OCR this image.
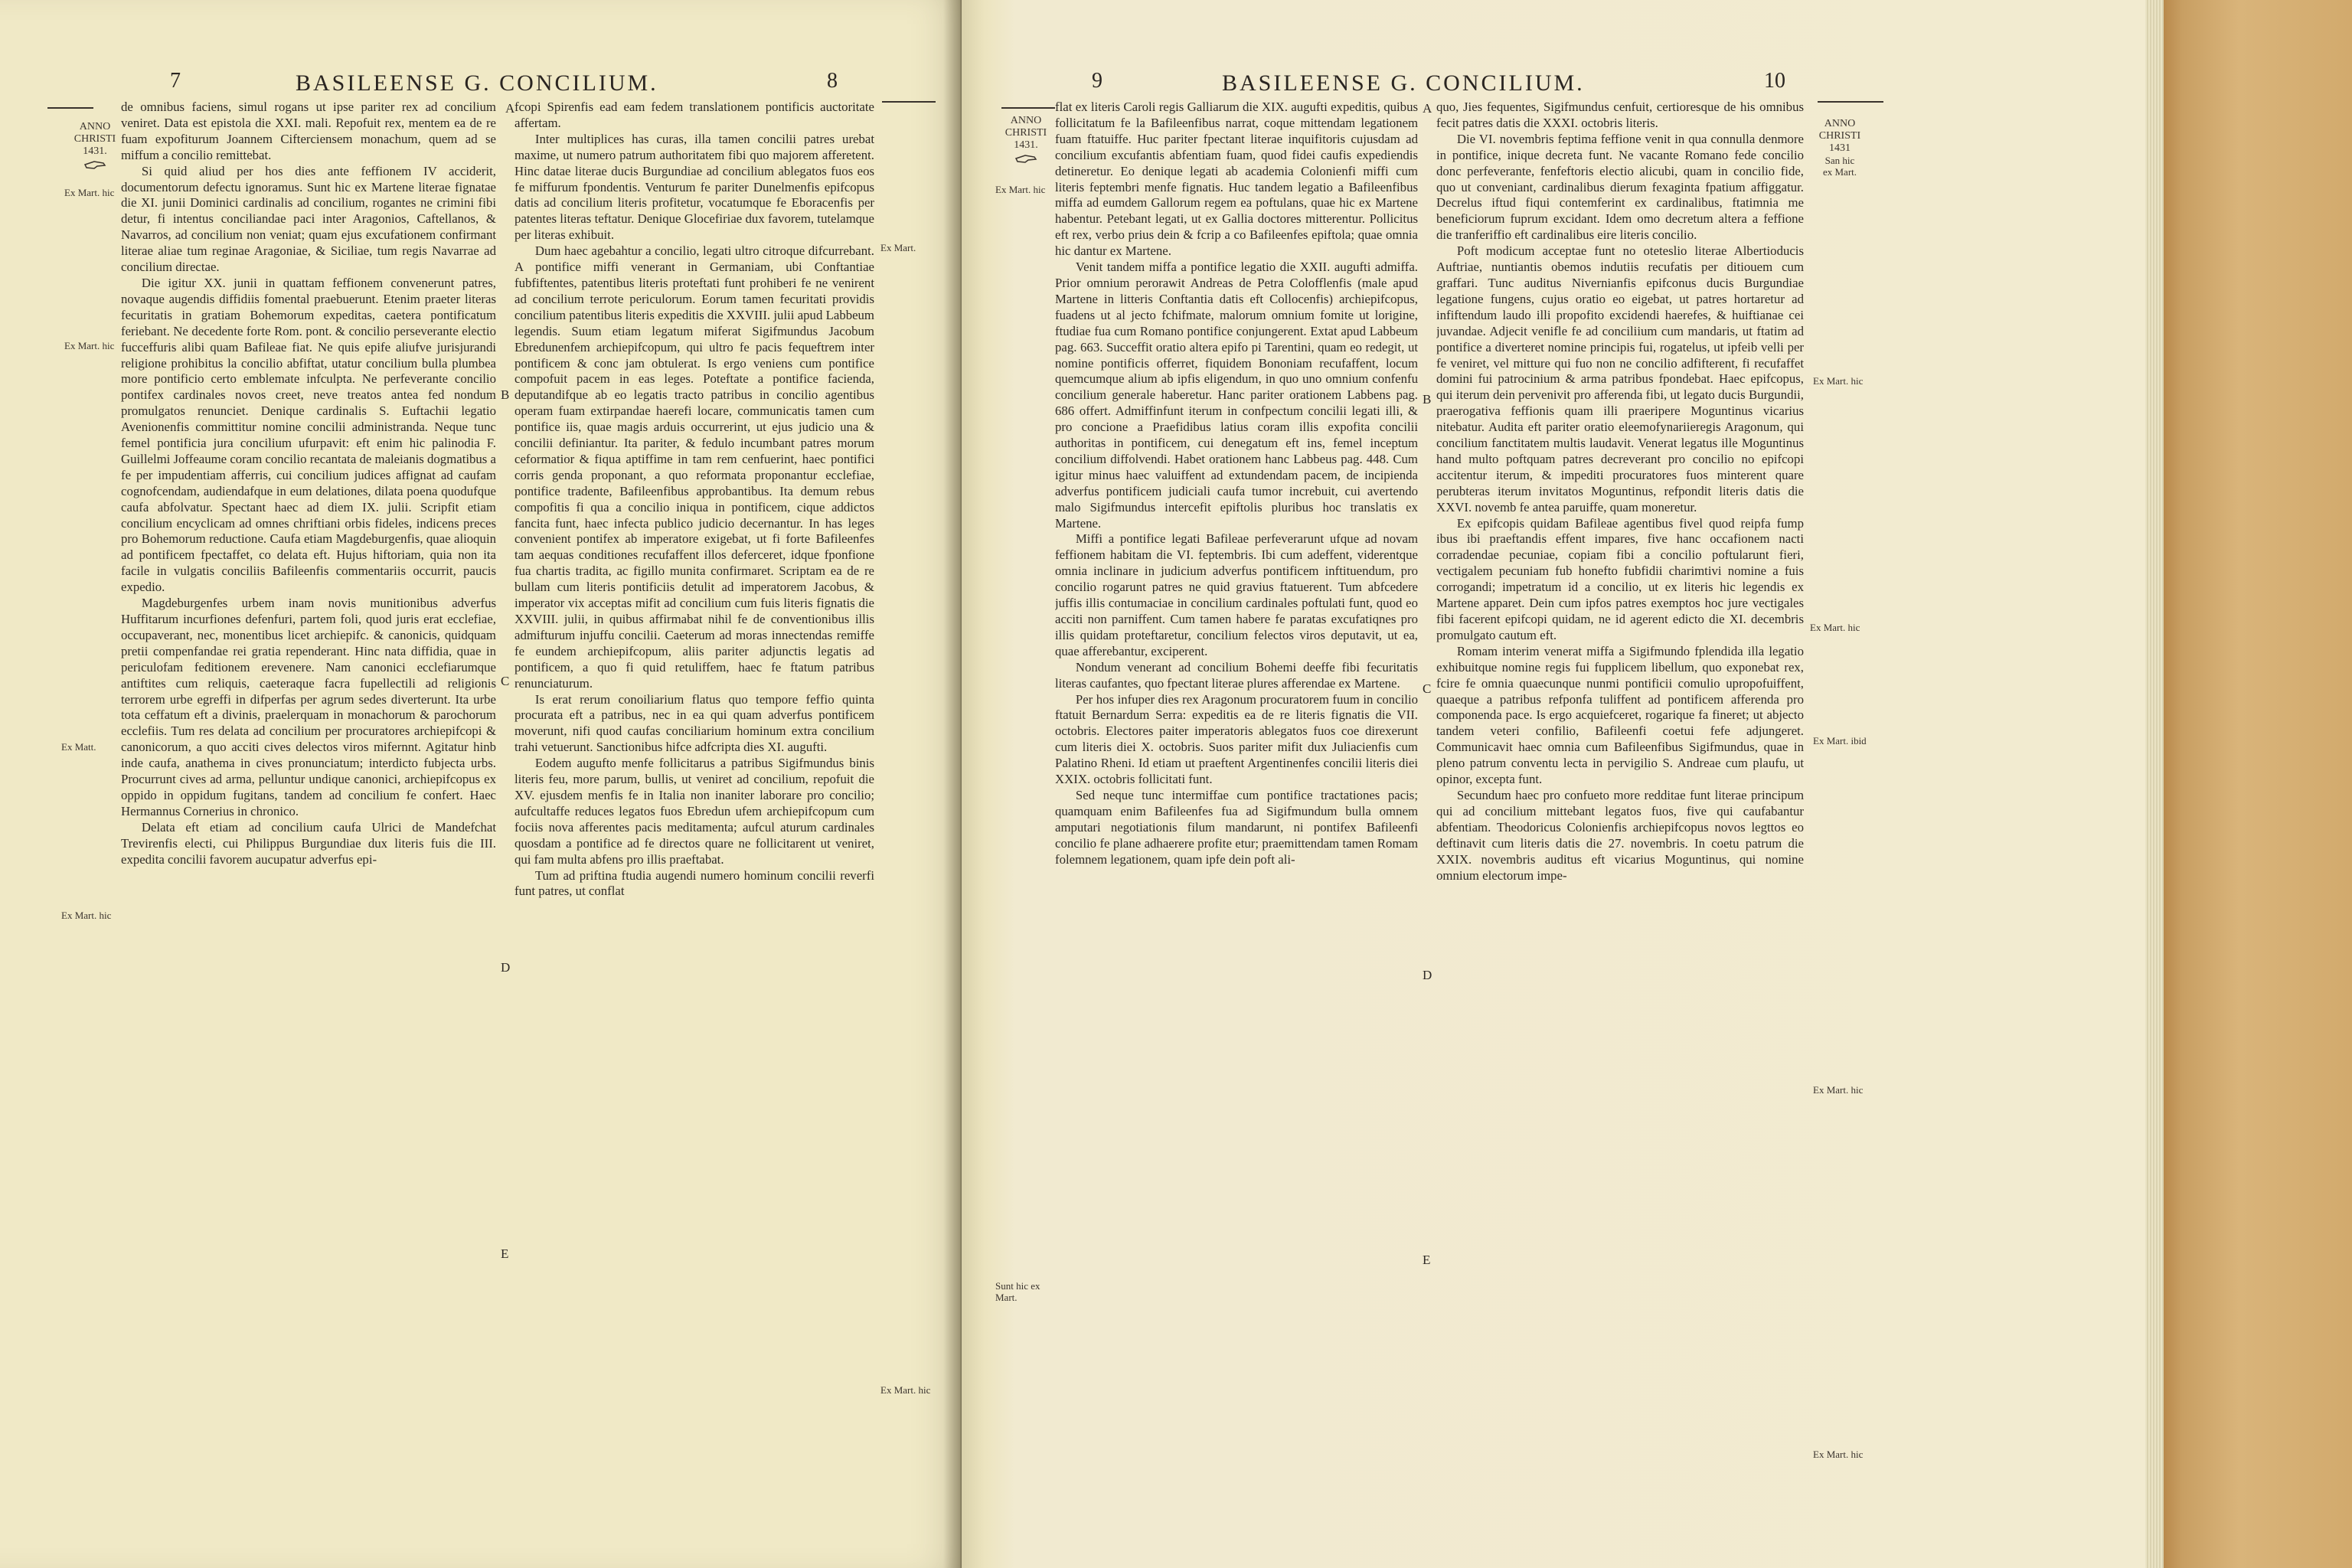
7	BASILEENSE G. CONCILIUM.	8
ANNO
CHRISTI
1431.
Ex Mart. hic
Ex Mart. hic
Ex Matt.
Ex Mart. hic
Ex Mart.
Ex Mart. hic

de omnibus faciens, simul rogans ut ipse pariter rex ad concilium veniret. Data est epistola die XXI. mali. Repofuit rex, mentem ea de re fuam expofiturum Joannem Cifterciensem monachum, quem ad se miffum a concilio remittebat.

Si quid aliud per hos dies ante feffionem IV acciderit, documentorum defectu ignoramus. Sunt hic ex Martene literae fignatae die XI. junii Dominici cardinalis ad concilium, rogantes ne crimini fibi detur, fi intentus conciliandae paci inter Aragonios, Caftellanos, & Navarros, ad concilium non veniat; quam ejus excufationem confirmant literae aliae tum reginae Aragoniae, & Siciliae, tum regis Navarrae ad concilium directae.

Die igitur XX. junii in quattam feffionem convenerunt patres, novaque augendis diffidiis fomental praebuerunt. Etenim praeter literas fecuritatis in gratiam Bohemorum expeditas, caetera pontificatum feriebant. Ne decedente forte Rom. pont. & concilio perseverante electio fucceffuris alibi quam Bafileae fiat. Ne quis epife aliufve jurisjurandi religione prohibitus la concilio abfiftat, utatur concilium bulla plumbea more pontificio certo emblemate infculpta. Ne perfeverante concilio pontifex cardinales novos creet, neve treatos antea fed nondum promulgatos renunciet. Denique cardinalis S. Euftachii legatio Avenionenfis committitur nomine concilii administranda. Neque tunc femel pontificia jura concilium ufurpavit: eft enim hic palinodia F. Guillelmi Joffeaume coram concilio recantata de maleianis dogmatibus a fe per impudentiam afferris, cui concilium judices affignat ad caufam cognofcendam, audiendafque in eum delationes, dilata poena quodufque caufa abfolvatur. Spectant haec ad diem IX. julii. Scripfit etiam concilium encyclicam ad omnes chriftiani orbis fideles, indicens preces pro Bohemorum reductione. Caufa etiam Magdeburgenfis, quae alioquin ad pontificem fpectaffet, co delata eft. Hujus hiftoriam, quia non ita facile in vulgatis conciliis Bafileenfis commentariis occurrit, paucis expedio.

Magdeburgenfes urbem inam novis munitionibus adverfus Huffitarum incurfiones defenfuri, partem foli, quod juris erat ecclefiae, occupaverant, nec, monentibus licet archiepifc. & canonicis, quidquam pretii compenfandae rei gratia rependerant. Hinc nata diffidia, quae in periculofam feditionem erevenere. Nam canonici ecclefiarumque antiftites cum reliquis, caeteraque facra fupellectili ad religionis terrorem urbe egreffi in difperfas per agrum sedes diverterunt. Ita urbe tota ceffatum eft a divinis, praelerquam in monachorum & parochorum ecclefiis. Tum res delata ad concilium per procuratores archiepifcopi & canonicorum, a quo acciti cives delectos viros mifernnt. Agitatur hinb inde caufa, anathema in cives pronunciatum; interdicto fubjecta urbs. Procurrunt cives ad arma, pelluntur undique canonici, archiepifcopus ex oppido in oppidum fugitans, tandem ad concilium fe confert. Haec Hermannus Cornerius in chronico.

Delata eft etiam ad concilium caufa Ulrici de Mandefchat Trevirenfis electi, cui Philippus Burgundiae dux literis fuis die III. expedita concilii favorem aucupatur adverfus epi-

A
B
C
D
E

fcopi Spirenfis ead eam fedem translationem pontificis auctoritate affertam.

Inter multiplices has curas, illa tamen concilii patres urebat maxime, ut numero patrum authoritatem fibi quo majorem afferetent. Hinc datae literae ducis Burgundiae ad concilium ablegatos fuos eos fe miffurum fpondentis. Venturum fe pariter Dunelmenfis epifcopus datis ad concilium literis profitetur, vocatumque fe Eboracenfis per patentes literas teftatur. Denique Glocefiriae dux favorem, tutelamque per literas exhibuit.

Dum haec agebahtur a concilio, legati ultro citroque difcurrebant. A pontifice miffi venerant in Germaniam, ubi Conftantiae fubfiftentes, patentibus literis proteftati funt prohiberi fe ne venirent ad concilium terrote periculorum. Eorum tamen fecuritati providis concilium patentibus literis expeditis die XXVIII. julii apud Labbeum legendis. Suum etiam legatum miferat Sigifmundus Jacobum Ebredunenfem archiepifcopum, qui ultro fe pacis fequeftrem inter pontificem & conc jam obtulerat. Is ergo veniens cum pontifice compofuit pacem in eas leges. Poteftate a pontifice facienda, deputandifque ab eo legatis tracto patribus in concilio agentibus operam fuam extirpandae haerefi locare, communicatis tamen cum pontifice iis, quae magis arduis occurrerint, ut ejus judicio una & concilii definiantur. Ita pariter, & fedulo incumbant patres morum ceformatior & fiqua aptiffime in tam rem cenfuerint, haec pontifici corris genda proponant, a quo reformata proponantur ecclefiae, pontifice tradente, Bafileenfibus approbantibus. Ita demum rebus compofitis fi qua a concilio iniqua in pontificem, cique addictos fancita funt, haec infecta publico judicio decernantur. In has leges convenient pontifex ab imperatore exigebat, ut fi forte Bafileenfes tam aequas conditiones recufaffent illos deferceret, idque fponfione fua chartis tradita, ac figillo munita confirmaret. Scriptam ea de re bullam cum literis pontificiis detulit ad imperatorem Jacobus, & imperator vix acceptas mifit ad concilium cum fuis literis fignatis die XXVIII. julii, in quibus affirmabat nihil fe de conventionibus illis admifturum injuffu concilii. Caeterum ad moras innectendas remiffe fe eundem archiepifcopum, aliis pariter adjunctis legatis ad pontificem, a quo fi quid retuliffem, haec fe ftatum patribus renunciaturum.

Is erat rerum conoiliarium flatus quo tempore feffio quinta procurata eft a patribus, nec in ea qui quam adverfus pontificem moverunt, nifi quod caufas conciliarium hominum extra concilium trahi vetuerunt. Sanctionibus hifce adfcripta dies XI. augufti.

Eodem augufto menfe follicitarus a patribus Sigifmundus binis literis feu, more parum, bullis, ut veniret ad concilium, repofuit die XV. ejusdem menfis fe in Italia non inaniter laborare pro concilio; aufcultaffe reduces legatos fuos Ebredun ufem archiepifcopum cum fociis nova afferentes pacis meditamenta; aufcul aturum cardinales quosdam a pontifice ad fe directos quare ne follicitarent ut veniret, qui fam multa abfens pro illis praeftabat.

Tum ad priftina ftudia augendi numero hominum concilii reverfi funt patres, ut conflat

9	BASILEENSE G. CONCILIUM.	10
ANNO
CHRISTI
1431.
Ex Mart. hic
Sunt hic ex Mart.
ANNO
CHRISTI
1431
San hic
ex Mart.
Ex Mart. hic
Ex Mart. hic
Ex Mart. ibid
Ex Mart. hic
Ex Mart. hic

flat ex literis Caroli regis Galliarum die XIX. augufti expeditis, quibus follicitatum fe la Bafileenfibus narrat, coque mittendam legationem fuam ftatuiffe. Huc pariter fpectant literae inquifitoris cujusdam ad concilium excufantis abfentiam fuam, quod fidei caufis expediendis detineretur. Eo denique legati ab academia Colonienfi miffi cum literis feptembri menfe fignatis. Huc tandem legatio a Bafileenfibus miffa ad eumdem Gallorum regem ea poftulans, quae hic ex Martene habentur. Petebant legati, ut ex Gallia doctores mitterentur. Pollicitus eft rex, verbo prius dein & fcrip a co Bafileenfes epiftola; quae omnia hic dantur ex Martene.

Venit tandem miffa a pontifice legatio die XXII. augufti admiffa. Prior omnium perorawit Andreas de Petra Colofflenfis (male apud Martene in litteris Conftantia datis eft Collocenfis) archiepifcopus, fuadens ut al jecto fchifmate, malorum omnium fomite ut lorigine, ftudiae fua cum Romano pontifice conjungerent. Extat apud Labbeum pag. 663. Succeffit oratio altera epifo pi Tarentini, quam eo redegit, ut nomine pontificis offerret, fiquidem Bononiam recufaffent, locum quemcumque alium ab ipfis eligendum, in quo uno omnium confenfu concilium generale haberetur. Hanc pariter orationem Labbens pag. 686 offert. Admiffinfunt iterum in confpectum concilii legati illi, & pro concione a Praefidibus latius coram illis expofita concilii authoritas in pontificem, cui denegatum eft ins, femel inceptum concilium diffolvendi. Habet orationem hanc Labbeus pag. 448. Cum igitur minus haec valuiffent ad extundendam pacem, de incipienda adverfus pontificem judiciali caufa tumor increbuit, cui avertendo malo Sigifmundus intercefit epiftolis pluribus hoc translatis ex Martene.

Miffi a pontifice legati Bafileae perfeverarunt ufque ad novam feffionem habitam die VI. feptembris. Ibi cum adeffent, viderentque omnia inclinare in judicium adverfus pontificem inftituendum, pro concilio rogarunt patres ne quid gravius ftatuerent. Tum abfcedere juffis illis contumaciae in concilium cardinales poftulati funt, quod eo acciti non parniffent. Cum tamen habere fe paratas excufatiqnes pro illis quidam proteftaretur, concilium felectos viros deputavit, ut ea, quae afferebantur, exciperent.

Nondum venerant ad concilium Bohemi deeffe fibi fecuritatis literas caufantes, quo fpectant literae plures afferendae ex Martene.

Per hos infuper dies rex Aragonum procuratorem fuum in concilio ftatuit Bernardum Serra: expeditis ea de re literis fignatis die VII. octobris. Electores paiter imperatoris ablegatos fuos coe direxerunt cum literis diei X. octobris. Suos pariter mifit dux Juliacienfis cum Palatino Rheni. Id etiam ut praeftent Argentinenfes concilii literis diei XXIX. octobris follicitati funt.

Sed neque tunc intermiffae cum pontifice tractationes pacis; quamquam enim Bafileenfes fua ad Sigifmundum bulla omnem amputari negotiationis filum mandarunt, ni pontifex Bafileenfi concilio fe plane adhaerere profite etur; praemittendam tamen Romam folemnem legationem, quam ipfe dein poft ali-

A
B
C
D
E

quo, Jies fequentes, Sigifmundus cenfuit, certioresque de his omnibus fecit patres datis die XXXI. octobris literis.

Die VI. novembris feptima feffione venit in qua connulla denmore in pontifice, inique decreta funt. Ne vacante Romano fede concilio donc perfeverante, fenfeftoris electio alicubi, quam in concilio fide, quo ut conveniant, cardinalibus dierum fexaginta fpatium affiggatur. Decrelus iftud fiqui contemferint ex cardinalibus, ftatimnia me beneficiorum fuprum excidant. Idem omo decretum altera a feffione die tranferiffio eft cardinalibus eire literis concilio.

Poft modicum acceptae funt no oteteslio literae Albertioducis Auftriae, nuntiantis obemos indutiis recufatis per ditiouem cum graffari. Tunc auditus Nivernianfis epifconus ducis Burgundiae legatione fungens, cujus oratio eo eigebat, ut patres hortaretur ad infiftendum laudo illi propofito excidendi haerefes, & huiftianae cei juvandae. Adjecit venifle fe ad conciliium cum mandaris, ut ftatim ad pontifice a diverteret nomine principis fui, rogatelus, ut ipfeib velli per fe veniret, vel mitture qui fuo non ne concilio adfifterent, fi recufaffet domini fui patrocinium & arma patribus fpondebat. Haec epifcopus, qui iterum dein pervenivit pro afferenda fibi, ut legato ducis Burgundii, praerogativa feffionis quam illi praeripere Moguntinus vicarius nitebatur. Audita eft pariter oratio eleemofynariieregis Aragonum, qui concilium fanctitatem multis laudavit. Venerat legatus ille Moguntinus hand multo poftquam patres decreverant pro concilio no epifcopi accitentur iterum, & impediti procuratores fuos minterent quare perubteras iterum invitatos Moguntinus, refpondit literis datis die XXVI. novemb fe antea paruiffe, quam moneretur.

Ex epifcopis quidam Bafileae agentibus fivel quod reipfa fump ibus ibi praeftandis effent impares, five hanc occafionem nacti corradendae pecuniae, copiam fibi a concilio poftularunt fieri, vectigalem pecuniam fub honefto fubfidii charimtivi nomine a fuis corrogandi; impetratum id a concilio, ut ex literis hic legendis ex Martene apparet. Dein cum ipfos patres exemptos hoc jure vectigales fibi facerent epifcopi quidam, ne id agerent edicto die XI. decembris promulgato cautum eft.

Romam interim venerat miffa a Sigifmundo fplendida illa legatio exhibuitque nomine regis fui fupplicem libellum, quo exponebat rex, fcire fe omnia quaecunque nunmi pontificii comulio upropofuiffent, quaeque a patribus refponfa tuliffent ad pontificem afferenda pro componenda pace. Is ergo acquiefceret, rogarique fa fineret; ut abjecto tandem veteri confilio, Bafileenfi coetui fefe adjungeret. Communicavit haec omnia cum Bafileenfibus Sigifmundus, quae in pleno patrum conventu lecta in pervigilio S. Andreae cum plaufu, ut opinor, excepta funt.

Secundum haec pro confueto more redditae funt literae principum qui ad concilium mittebant legatos fuos, five qui caufabantur abfentiam. Theodoricus Colonienfis archiepifcopus novos legttos eo deftinavit cum literis datis die 27. novembris. In coetu patrum die XXIX. novembris auditus eft vicarius Moguntinus, qui nomine omnium electorum impe-
